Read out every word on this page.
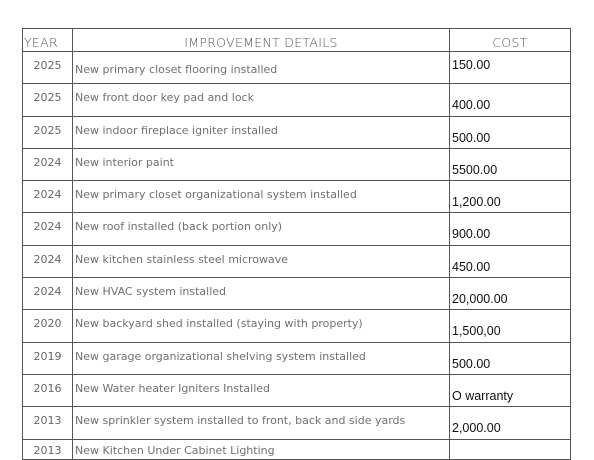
YEAR	IMPROVEMENT DETAILS	COST
2025	New primary closet flooring installed	150.00
2025	New front door key pad and lock	400.00
2025	New indoor fireplace igniter installed	500.00
2024	New interior paint	5500.00
2024	New primary closet organizational system installed	1,200.00
2024	New roof installed (back portion only)	900.00
2024	New kitchen stainless steel microwave	450.00
2024	New HVAC system installed	20,000.00
2020	New backyard shed installed (staying with property)	1,500,00
2019	New garage organizational shelving system installed	500.00
2016	New Water heater Igniters Installed	O warranty
2013	New sprinkler system installed to front, back and side yards	2,000.00
2013	New Kitchen Under Cabinet Lighting	
